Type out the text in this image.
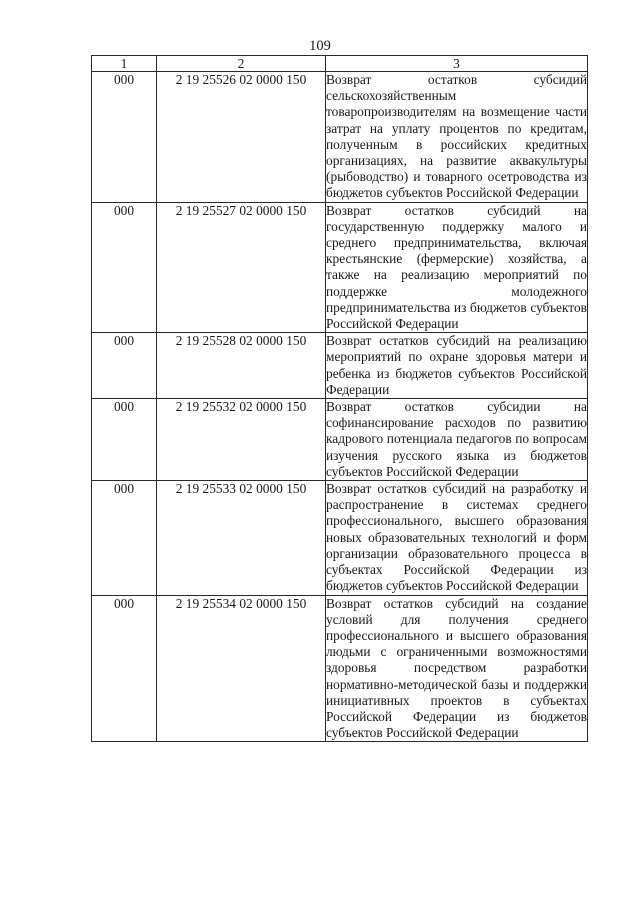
109
1	2	3
000	2 19 25526 02 0000 150	Возврат остатков субсидий сельскохозяйственным товаропроизводителям на возмещение части затрат на уплату процентов по кредитам, полученным в российских кредитных организациях, на развитие аквакультуры (рыбоводство) и товарного осетроводства из бюджетов субъектов Российской Федерации

000	2 19 25527 02 0000 150	Возврат остатков субсидий на государственную поддержку малого и среднего предпринимательства, включая крестьянские (фермерские) хозяйства, а также на реализацию мероприятий по поддержке молодежного предпринимательства из бюджетов субъектов Российской Федерации

000	2 19 25528 02 0000 150	Возврат остатков субсидий на реализацию мероприятий по охране здоровья матери и ребенка из бюджетов субъектов Российской Федерации

000	2 19 25532 02 0000 150	Возврат остатков субсидии на софинансирование расходов по развитию кадрового потенциала педагогов по вопросам изучения русского языка из бюджетов субъектов Российской Федерации

000	2 19 25533 02 0000 150	Возврат остатков субсидий на разработку и распространение в системах среднего профессионального, высшего образования новых образовательных технологий и форм организации образовательного процесса в субъектах Российской Федерации из бюджетов субъектов Российской Федерации

000	2 19 25534 02 0000 150	Возврат остатков субсидий на создание условий для получения среднего профессионального и высшего образования людьми с ограниченными возможностями здоровья посредством разработки нормативно-методической базы и поддержки инициативных проектов в субъектах Российской Федерации из бюджетов субъектов Российской Федерации
